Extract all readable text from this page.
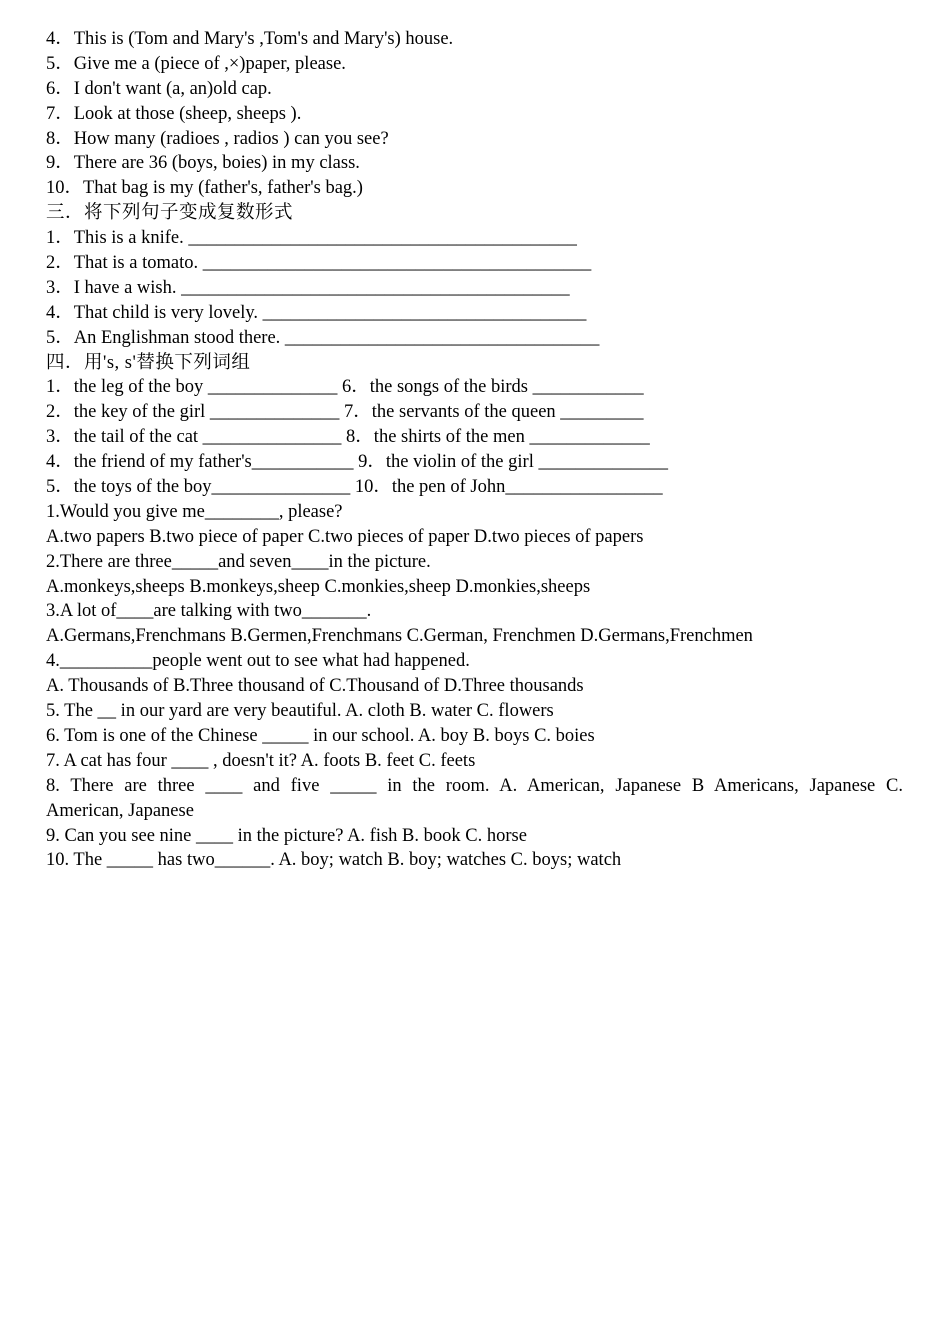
4．This is (Tom and Mary's ,Tom's and Mary's) house.
5．Give me a (piece of ,×)paper, please.
6．I don't want (a, an)old cap.
7．Look at those (sheep, sheeps ).
8．How many (radioes , radios ) can you see?
9．There are 36 (boys, boies) in my class.
10．That bag is my (father's, father's bag.)
三．将下列句子变成复数形式
1．This is a knife. __________________________________________
2．That is a tomato. __________________________________________
3．I have a wish. __________________________________________
4．That child is very lovely. ___________________________________
5．An Englishman stood there. __________________________________
四．用's, s'替换下列词组
1．the leg of the boy ______________ 6．the songs of the birds ____________
2．the key of the girl ______________ 7．the servants of the queen _________
3．the tail of the cat _______________ 8．the shirts of the men _____________
4．the friend of my father's___________ 9．the violin of the girl ______________
5．the toys of the boy_______________ 10．the pen of John_________________
1.Would you give me________, please?
A.two papers B.two piece of paper C.two pieces of paper D.two pieces of papers
2.There are three_____and seven____in the picture.
A.monkeys,sheeps B.monkeys,sheep C.monkies,sheep D.monkies,sheeps
3.A lot of____are talking with two_______.
A.Germans,Frenchmans B.Germen,Frenchmans C.German, Frenchmen D.Germans,Frenchmen
4.__________people went out to see what had happened.
A. Thousands of B.Three thousand of C.Thousand of D.Three thousands
5. The __ in our yard are very beautiful. A. cloth B. water C. flowers
6. Tom is one of the Chinese _____ in our school. A. boy B. boys C. boies
7. A cat has four ____ , doesn't it? A. foots B. feet C. feets
8. There are three ____ and five _____ in the room. A. American, Japanese B Americans, Japanese C.
American, Japanese
9. Can you see nine ____ in the picture? A. fish B. book C. horse
10. The _____ has two______. A. boy; watch B. boy; watches C. boys; watch
